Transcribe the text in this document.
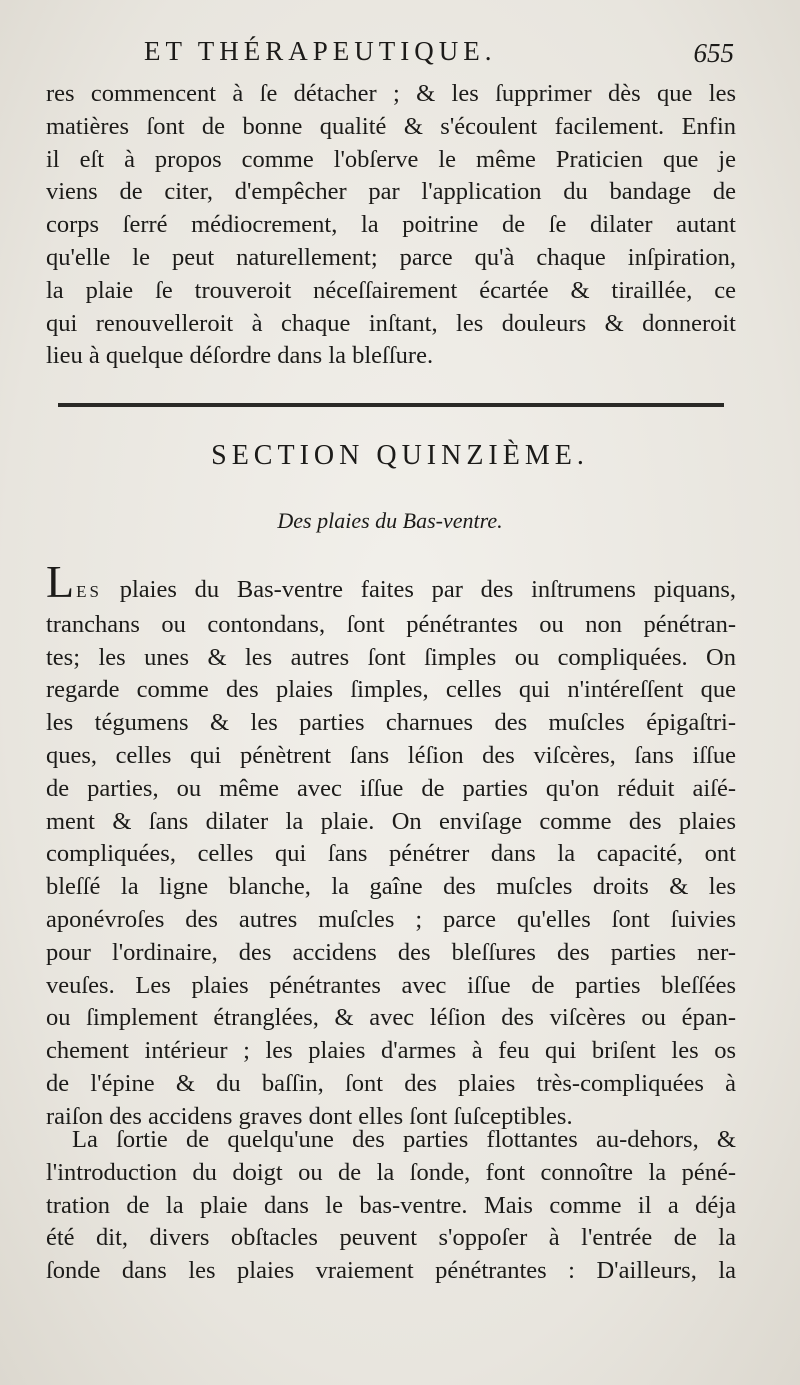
ET THÉRAPEUTIQUE.	655
res commencent à ſe détacher ; & les ſupprimer dès que les
matières ſont de bonne qualité & s'écoulent facilement. Enfin
il eſt à propos comme l'obſerve le même Praticien que je
viens de citer, d'empêcher par l'application du bandage de
corps ſerré médiocrement, la poitrine de ſe dilater autant
qu'elle le peut naturellement; parce qu'à chaque inſpiration,
la plaie ſe trouveroit néceſſairement écartée & tiraillée, ce
qui renouvelleroit à chaque inſtant, les douleurs & donneroit
lieu à quelque déſordre dans la bleſſure.
SECTION QUINZIÈME.
Des plaies du Bas-ventre.
LES plaies du Bas-ventre faites par des inſtrumens piquans,
tranchans ou contondans, ſont pénétrantes ou non pénétran-
tes; les unes & les autres ſont ſimples ou compliquées. On
regarde comme des plaies ſimples, celles qui n'intéreſſent que
les tégumens & les parties charnues des muſcles épigaſtri-
ques, celles qui pénètrent ſans léſion des viſcères, ſans iſſue
de parties, ou même avec iſſue de parties qu'on réduit aiſé-
ment & ſans dilater la plaie. On enviſage comme des plaies
compliquées, celles qui ſans pénétrer dans la capacité, ont
bleſſé la ligne blanche, la gaîne des muſcles droits & les
aponévroſes des autres muſcles ; parce qu'elles ſont ſuivies
pour l'ordinaire, des accidens des bleſſures des parties ner-
veuſes. Les plaies pénétrantes avec iſſue de parties bleſſées
ou ſimplement étranglées, & avec léſion des viſcères ou épan-
chement intérieur ; les plaies d'armes à feu qui briſent les os
de l'épine & du baſſin, ſont des plaies très-compliquées à
raiſon des accidens graves dont elles ſont ſuſceptibles.
La ſortie de quelqu'une des parties flottantes au-dehors, &
l'introduction du doigt ou de la ſonde, font connoître la péné-
tration de la plaie dans le bas-ventre. Mais comme il a déja
été dit, divers obſtacles peuvent s'oppoſer à l'entrée de la
ſonde dans les plaies vraiement pénétrantes : D'ailleurs, la
